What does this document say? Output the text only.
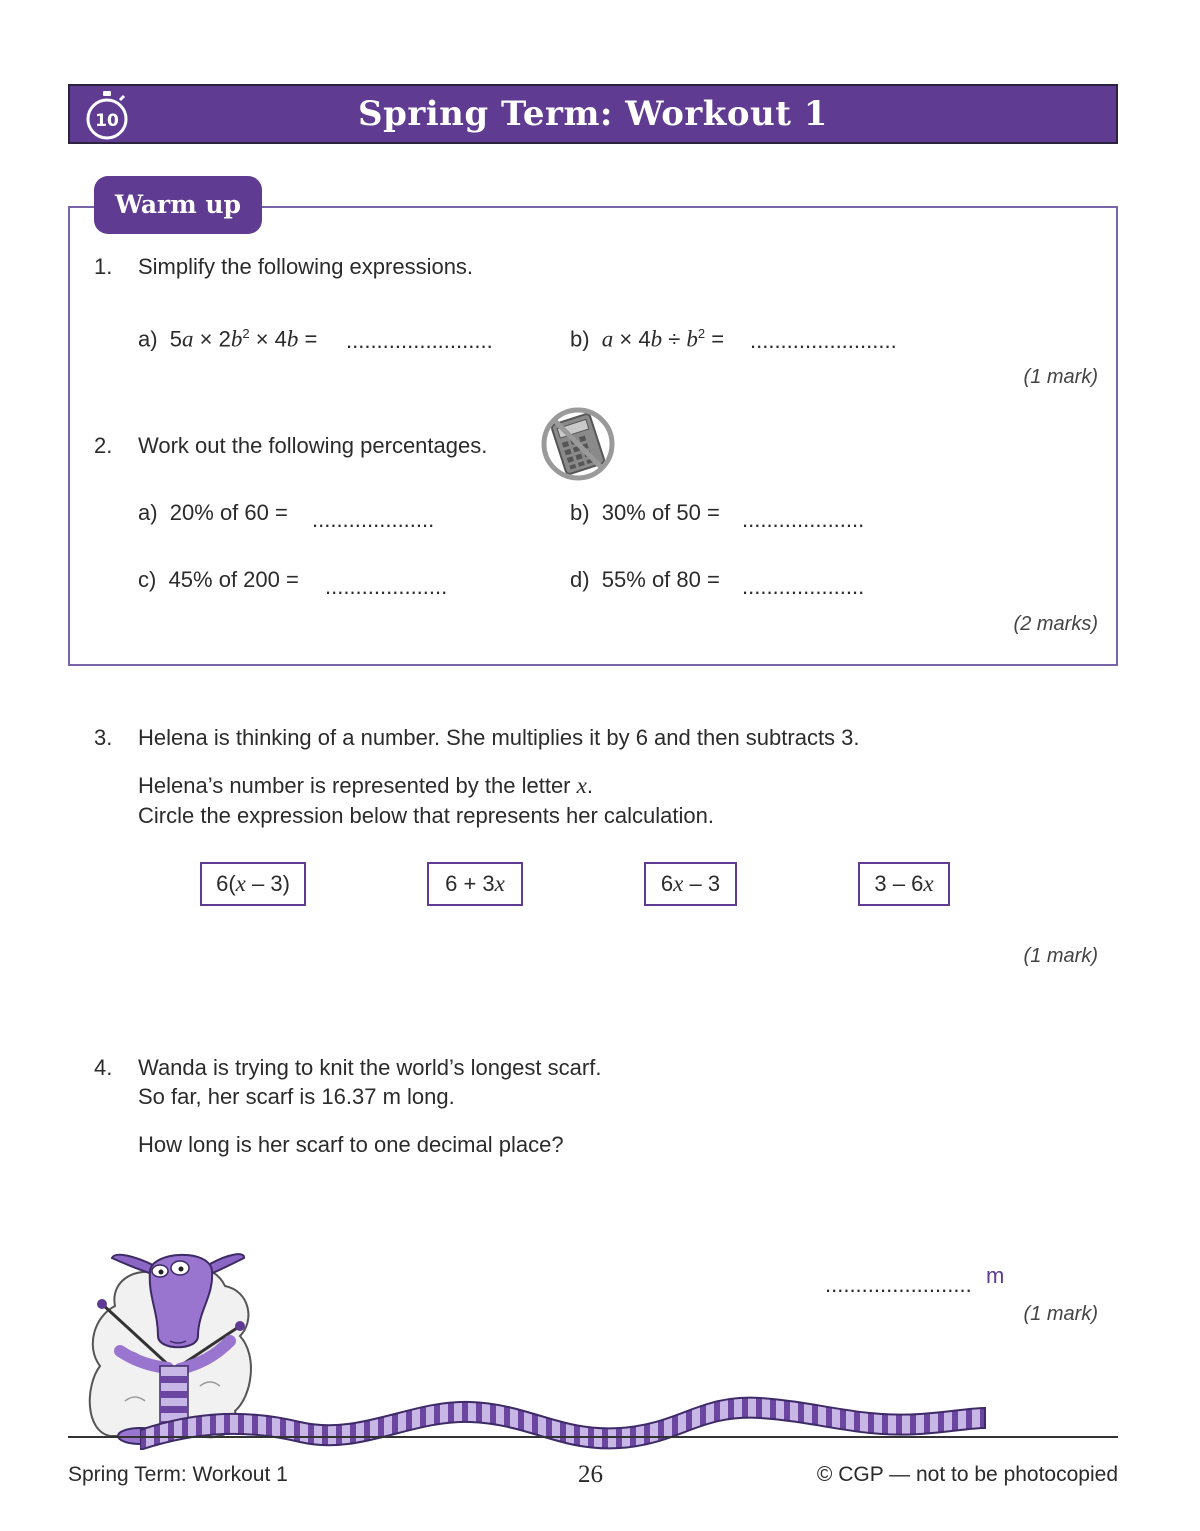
10	Spring Term: Workout 1
Warm up
1. Simplify the following expressions.
a)  $5a \times 2b^2 \times 4b$ = ........................	b) $a \times 4b \div b^2$ = ........................
(1 mark)
2. Work out the following percentages.
a) 20% of 60 = ....................	b) 30% of 50 = ....................
c) 45% of 200 = ....................	d) 55% of 80 = ....................
(2 marks)
3. Helena is thinking of a number. She multiplies it by 6 and then subtracts 3.
Helena’s number is represented by the letter x.
Circle the expression below that represents her calculation.
6(x – 3)	6 + 3x	6x – 3	3 – 6x
(1 mark)
4. Wanda is trying to knit the world’s longest scarf.
So far, her scarf is 16.37 m long.
How long is her scarf to one decimal place?
........................ m
(1 mark)
Spring Term: Workout 1	26	© CGP — not to be photocopied
